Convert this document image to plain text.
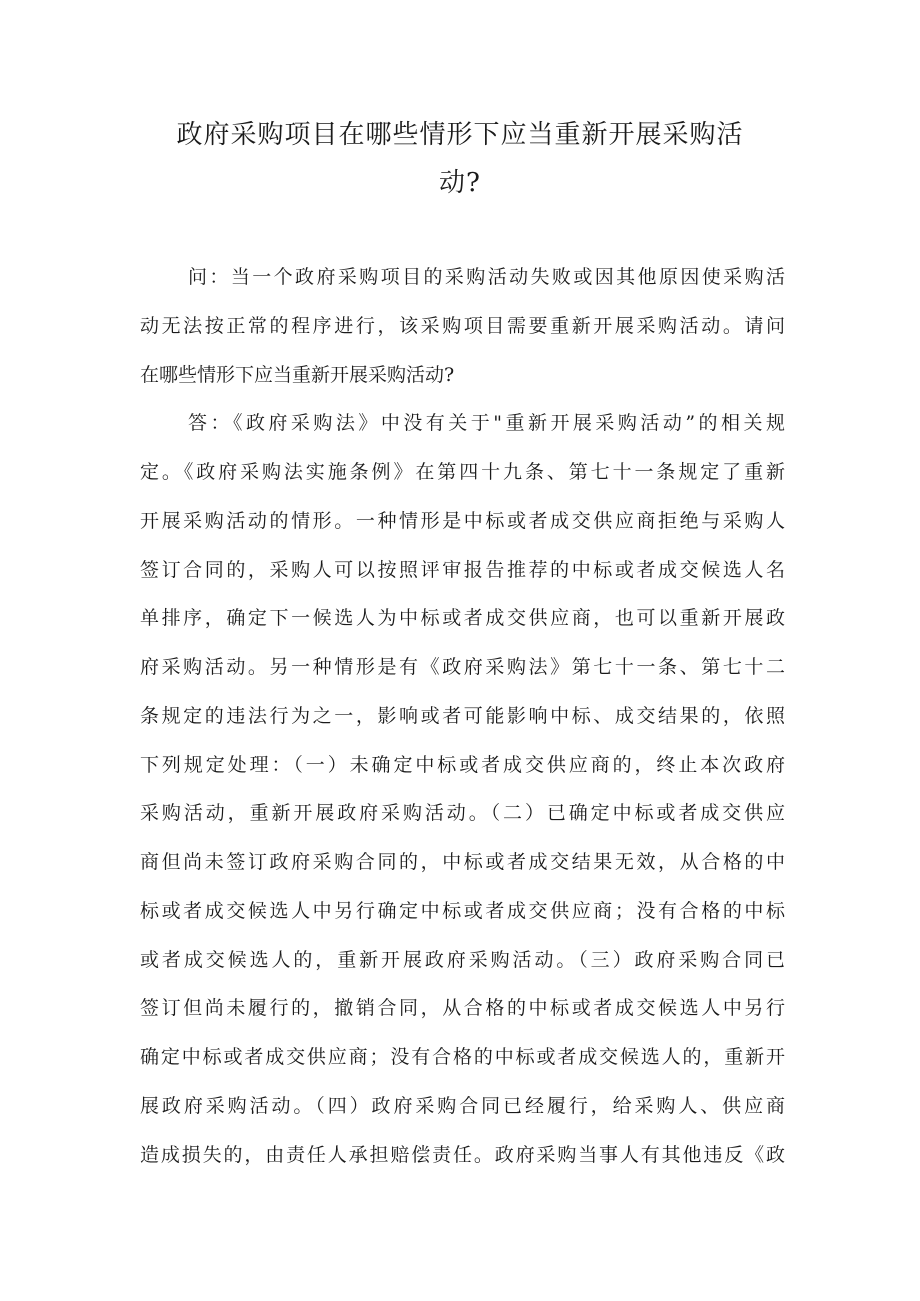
政府采购项目在哪些情形下应当重新开展采购活
动?
问：当一个政府采购项目的采购活动失败或因其他原因使采购活
动无法按正常的程序进行，该采购项目需要重新开展采购活动。请问
在哪些情形下应当重新开展采购活动?
答：《政府采购法》中没有关于"重新开展采购活动”的相关规
定。《政府采购法实施条例》在第四十九条、第七十一条规定了重新
开展采购活动的情形。一种情形是中标或者成交供应商拒绝与采购人
签订合同的，采购人可以按照评审报告推荐的中标或者成交候选人名
单排序，确定下一候选人为中标或者成交供应商，也可以重新开展政
府采购活动。另一种情形是有《政府采购法》第七十一条、第七十二
条规定的违法行为之一，影响或者可能影响中标、成交结果的，依照
下列规定处理：（一）未确定中标或者成交供应商的，终止本次政府
采购活动，重新开展政府采购活动。（二）已确定中标或者成交供应
商但尚未签订政府采购合同的，中标或者成交结果无效，从合格的中
标或者成交候选人中另行确定中标或者成交供应商；没有合格的中标
或者成交候选人的，重新开展政府采购活动。（三）政府采购合同已
签订但尚未履行的，撤销合同，从合格的中标或者成交候选人中另行
确定中标或者成交供应商；没有合格的中标或者成交候选人的，重新开
展政府采购活动。（四）政府采购合同已经履行，给采购人、供应商
造成损失的，由责任人承担赔偿责任。政府采购当事人有其他违反《政
